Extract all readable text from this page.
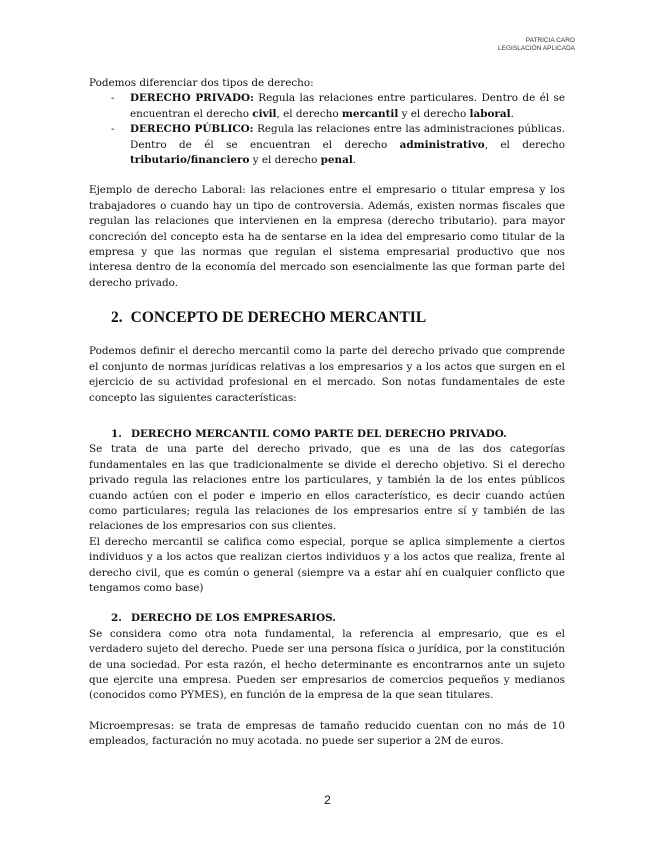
PATRICIA CARO
LEGISLACIÓN APLICADA

Podemos diferenciar dos tipos de derecho:

- DERECHO PRIVADO: Regula las relaciones entre particulares. Dentro de él se encuentran el derecho civil, el derecho mercantil y el derecho laboral.
- DERECHO PÚBLICO: Regula las relaciones entre las administraciones públicas. Dentro de él se encuentran el derecho administrativo, el derecho tributario/financiero y el derecho penal.

Ejemplo de derecho Laboral: las relaciones entre el empresario o titular empresa y los trabajadores o cuando hay un tipo de controversia. Además, existen normas fiscales que regulan las relaciones que intervienen en la empresa (derecho tributario). para mayor concreción del concepto esta ha de sentarse en la idea del empresario como titular de la empresa y que las normas que regulan el sistema empresarial productivo que nos interesa dentro de la economía del mercado son esencialmente las que forman parte del derecho privado.

2. CONCEPTO DE DERECHO MERCANTIL

Podemos definir el derecho mercantil como la parte del derecho privado que comprende el conjunto de normas jurídicas relativas a los empresarios y a los actos que surgen en el ejercicio de su actividad profesional en el mercado. Son notas fundamentales de este concepto las siguientes características:

1. DERECHO MERCANTIL COMO PARTE DEL DERECHO PRIVADO.

Se trata de una parte del derecho privado, que es una de las dos categorías fundamentales en las que tradicionalmente se divide el derecho objetivo. Si el derecho privado regula las relaciones entre los particulares, y también la de los entes públicos cuando actúen con el poder e imperio en ellos característico, es decir cuando actúen como particulares; regula las relaciones de los empresarios entre sí y también de las relaciones de los empresarios con sus clientes.

El derecho mercantil se califica como especial, porque se aplica simplemente a ciertos individuos y a los actos que realizan ciertos individuos y a los actos que realiza, frente al derecho civil, que es común o general (siempre va a estar ahí en cualquier conflicto que tengamos como base)

2. DERECHO DE LOS EMPRESARIOS.

Se considera como otra nota fundamental, la referencia al empresario, que es el verdadero sujeto del derecho. Puede ser una persona física o jurídica, por la constitución de una sociedad. Por esta razón, el hecho determinante es encontrarnos ante un sujeto que ejercite una empresa. Pueden ser empresarios de comercios pequeños y medianos (conocidos como PYMES), en función de la empresa de la que sean titulares.

Microempresas: se trata de empresas de tamaño reducido cuentan con no más de 10 empleados, facturación no muy acotada. no puede ser superior a 2M de euros.

2
